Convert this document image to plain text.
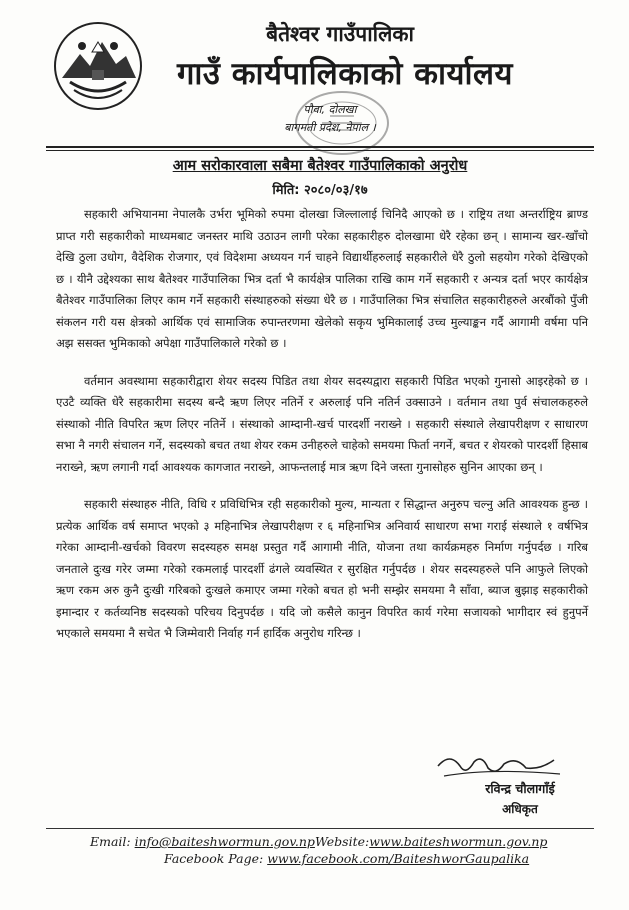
बैतेश्वर गाउँपालिका
गाउँ कार्यपालिकाको कार्यालय
पौवा, दोलखा
बागमती प्रदेश, नेपाल ।
आम सरोकारवाला सबैमा बैतेश्वर गाउँपालिकाको अनुरोध
मिति: २०८०/०३/१७

सहकारी अभियानमा नेपालकै उर्भरा भूमिको रुपमा दोलखा जिल्लालाई चिनिदै आएको छ । राष्ट्रिय तथा अन्तर्राष्ट्रिय ब्राण्ड प्राप्त गरी सहकारीको माध्यमबाट जनस्तर माथि उठाउन लागी परेका सहकारीहरु दोलखामा धेरै रहेका छन् । सामान्य खर-खाँचो देखि ठुला उधोग, वैदेशिक रोजगार, एवं विदेशमा अध्ययन गर्न चाहने विद्यार्थीहरुलाई सहकारीले धेरै ठुलो सहयोग गरेको देखिएको छ । यीनै उद्देश्यका साथ बैतेश्वर गाउँपालिका भित्र दर्ता भै कार्यक्षेत्र पालिका राखि काम गर्ने सहकारी र अन्यत्र दर्ता भएर कार्यक्षेत्र बैतेश्वर गाउँपालिका लिएर काम गर्ने सहकारी संस्थाहरुको संख्या धेरै छ । गाउँपालिका भित्र संचालित सहकारीहरुले अरबौंको पुँजी संकलन गरी यस क्षेत्रको आर्थिक एवं सामाजिक रुपान्तरणमा खेलेको सकृय भुमिकालाई उच्च मुल्याङ्कन गर्दै आगामी वर्षमा पनि अझ ससक्त भुमिकाको अपेक्षा गाउँपालिकाले गरेको छ ।

वर्तमान अवस्थामा सहकारीद्वारा शेयर सदस्य पिडित तथा शेयर सदस्यद्वारा सहकारी पिडित भएको गुनासो आइरहेको छ । एउटै व्यक्ति धेरै सहकारीमा सदस्य बन्दै ऋण लिएर नतिर्ने र अरुलाई पनि नतिर्न उक्साउने । वर्तमान तथा पुर्व संचालकहरुले संस्थाको नीति विपरित ऋण लिएर नतिर्ने । संस्थाको आम्दानी-खर्च पारदर्शी नराख्ने । सहकारी संस्थाले लेखापरीक्षण र साधारण सभा नै नगरी संचालन गर्ने, सदस्यको बचत तथा शेयर रकम उनीहरुले चाहेको समयमा फिर्ता नगर्ने, बचत र शेयरको पारदर्शी हिसाब नराख्ने, ऋण लगानी गर्दा आवश्यक कागजात नराख्ने, आफन्तलाई मात्र ऋण दिने जस्ता गुनासोहरु सुनिन आएका छन् ।

सहकारी संस्थाहरु नीति, विधि र प्रविधिभित्र रही सहकारीको मुल्य, मान्यता र सिद्धान्त अनुरुप चल्नु अति आवश्यक हुन्छ । प्रत्येक आर्थिक वर्ष समाप्त भएको ३ महिनाभित्र लेखापरीक्षण र ६ महिनाभित्र अनिवार्य साधारण सभा गराई संस्थाले १ वर्षभित्र गरेका आम्दानी-खर्चको विवरण सदस्यहरु समक्ष प्रस्तुत गर्दै आगामी नीति, योजना तथा कार्यक्रमहरु निर्माण गर्नुपर्दछ । गरिब जनताले दुःख गरेर जम्मा गरेको रकमलाई पारदर्शी ढंगले व्यवस्थित र सुरक्षित गर्नुपर्दछ । शेयर सदस्यहरुले पनि आफुले लिएको ऋण रकम अरु कुनै दुःखी गरिबको दुःखले कमाएर जम्मा गरेको बचत हो भनी सम्झेर समयमा नै साँवा, ब्याज बुझाइ सहकारीको इमान्दार र कर्तव्यनिष्ठ सदस्यको परिचय दिनुपर्दछ । यदि जो कसैले कानुन विपरित कार्य गरेमा सजायको भागीदार स्वं हुनुपर्ने भएकाले समयमा नै सचेत भै जिम्मेवारी निर्वाह गर्न हार्दिक अनुरोध गरिन्छ ।

रविन्द्र चौलागाँई
अधिकृत
Email: info@baiteshwormun.gov.npWebsite:www.baiteshwormun.gov.np
Facebook Page: www.facebook.com/BaiteshworGaupalika
